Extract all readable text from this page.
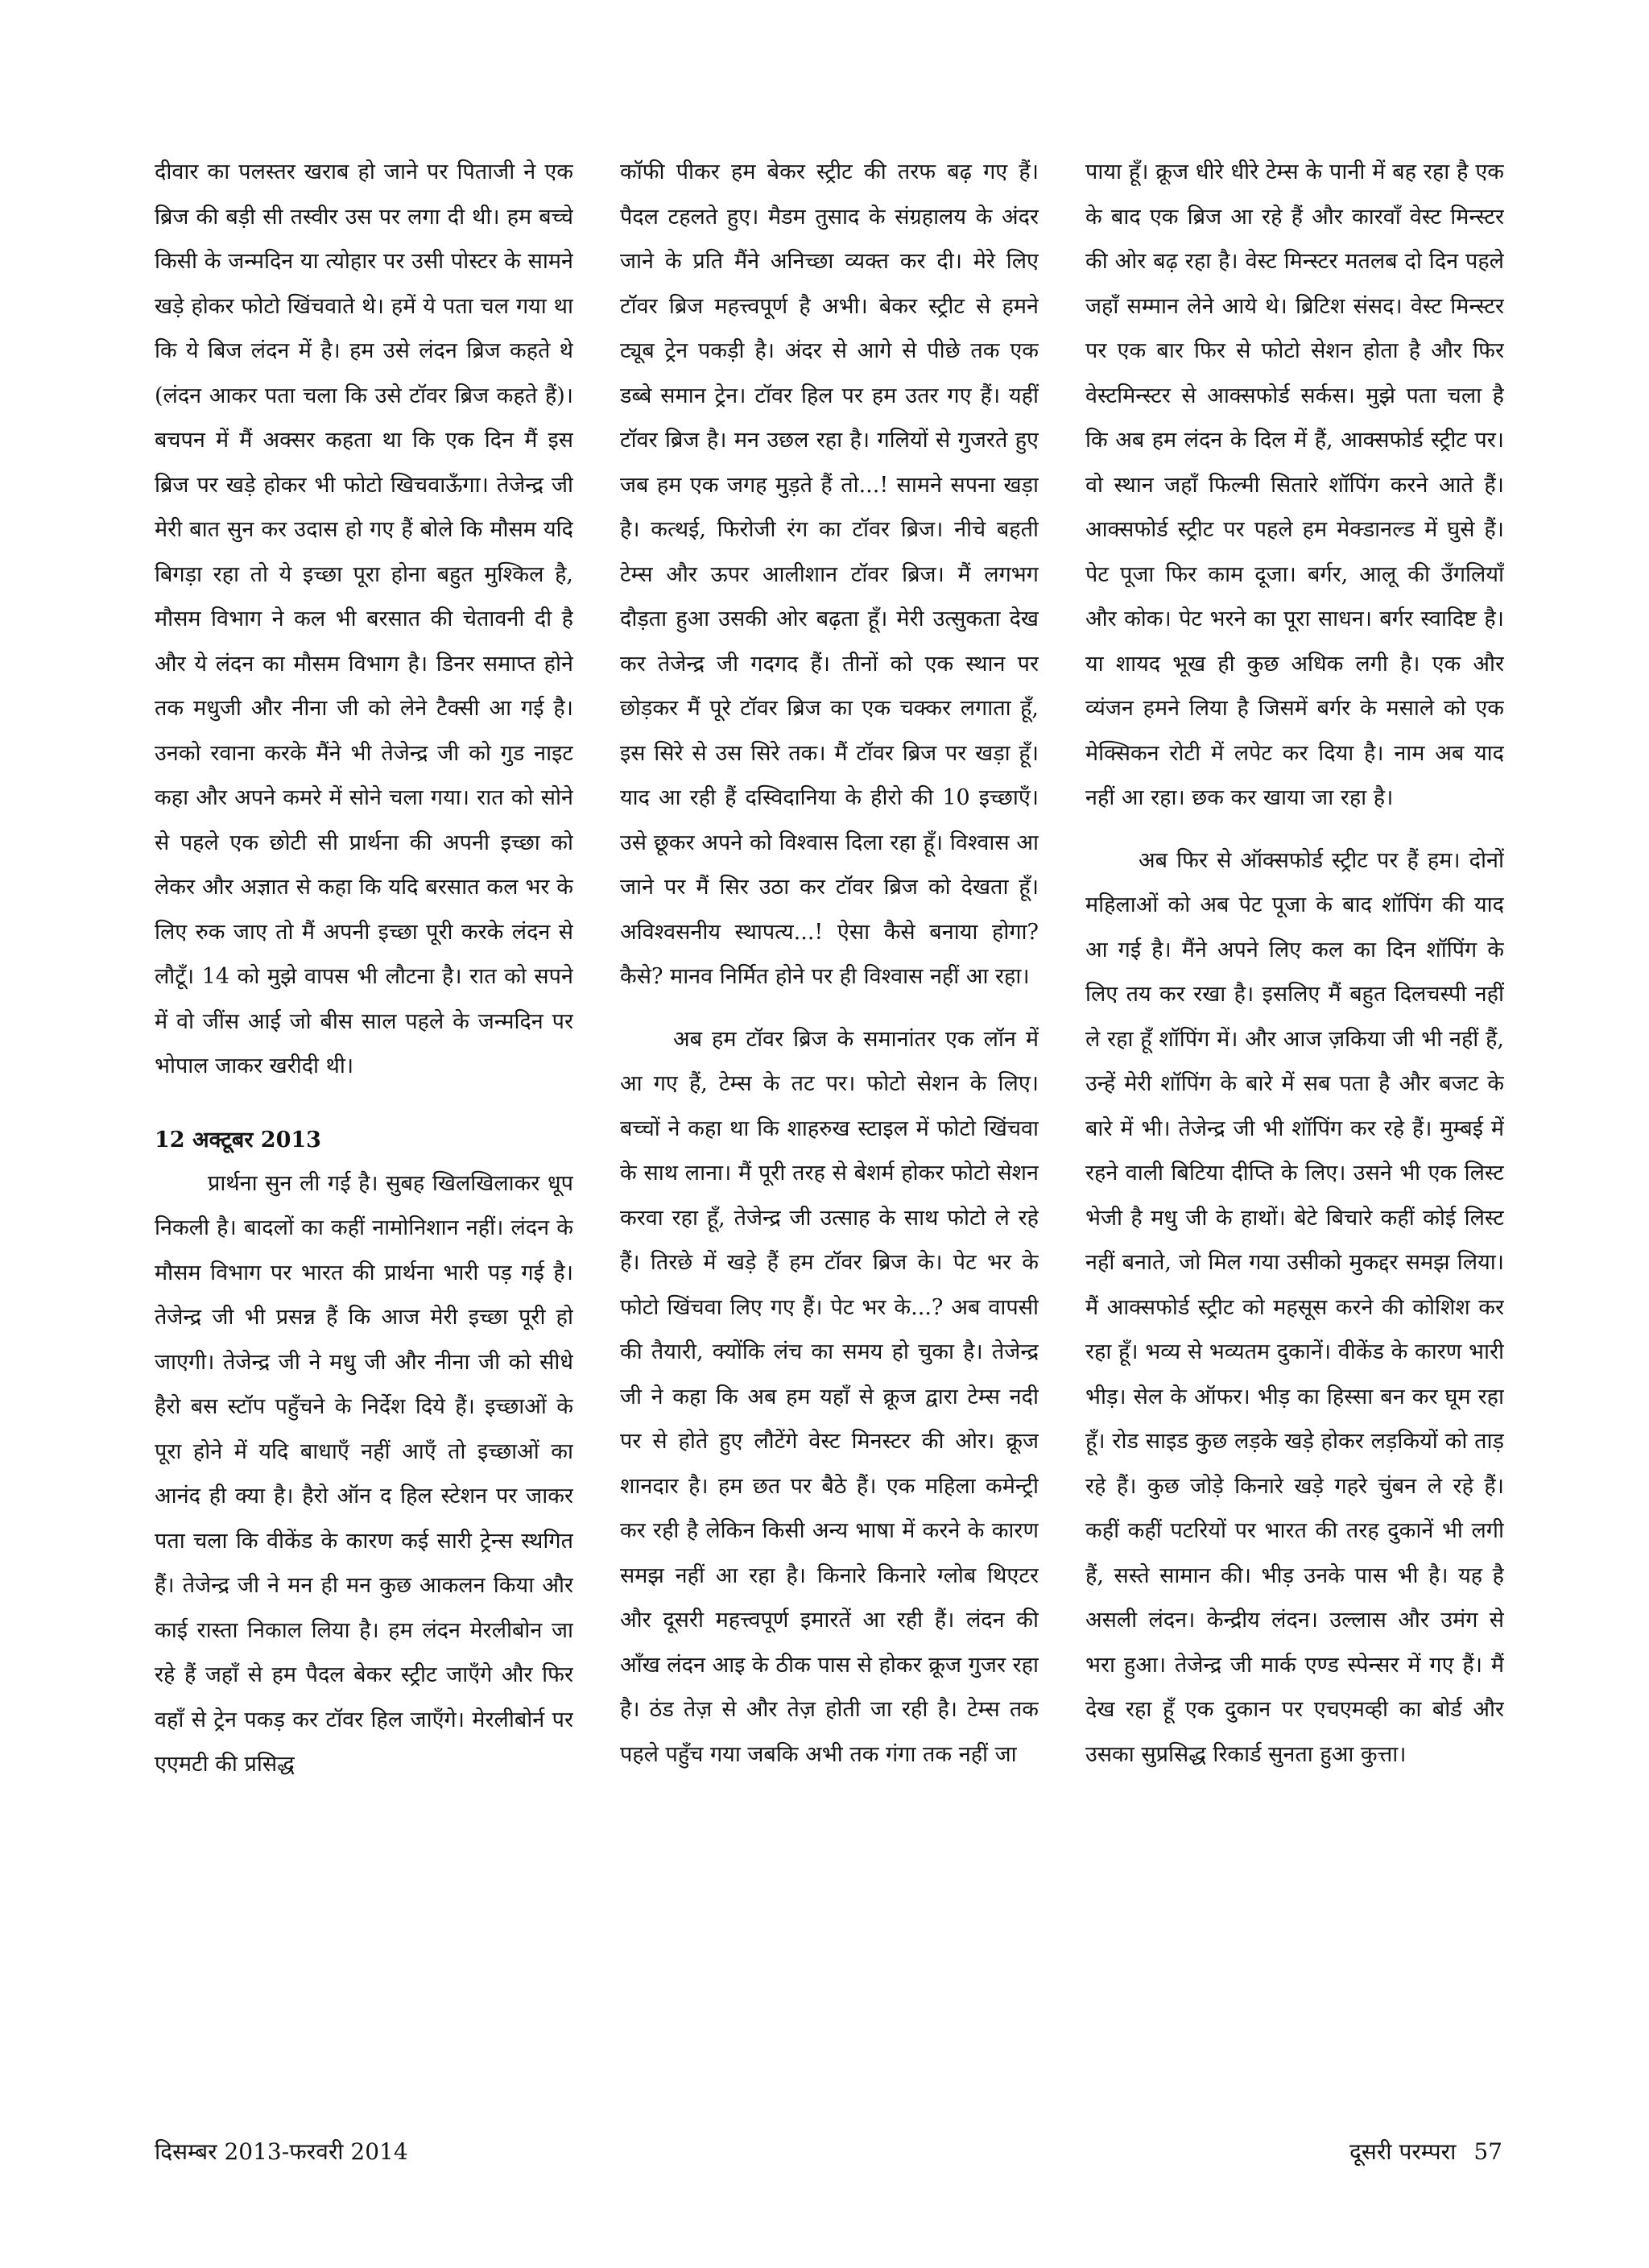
दीवार का पलस्तर खराब हो जाने पर पिताजी ने एक ब्रिज की बड़ी सी तस्वीर उस पर लगा दी थी। हम बच्चे किसी के जन्मदिन या त्योहार पर उसी पोस्टर के सामने खड़े होकर फोटो खिंचवाते थे। हमें ये पता चल गया था कि ये बिज लंदन में है। हम उसे लंदन ब्रिज कहते थे (लंदन आकर पता चला कि उसे टॉवर ब्रिज कहते हैं)। बचपन में मैं अक्सर कहता था कि एक दिन मैं इस ब्रिज पर खड़े होकर भी फोटो खिचवाऊँगा। तेजेन्द्र जी मेरी बात सुन कर उदास हो गए हैं बोले कि मौसम यदि बिगड़ा रहा तो ये इच्छा पूरा होना बहुत मुश्किल है, मौसम विभाग ने कल भी बरसात की चेतावनी दी है और ये लंदन का मौसम विभाग है। डिनर समाप्त होने तक मधुजी और नीना जी को लेने टैक्सी आ गई है। उनको रवाना करके मैंने भी तेजेन्द्र जी को गुड नाइट कहा और अपने कमरे में सोने चला गया। रात को सोने से पहले एक छोटी सी प्रार्थना की अपनी इच्छा को लेकर और अज्ञात से कहा कि यदि बरसात कल भर के लिए रुक जाए तो मैं अपनी इच्छा पूरी करके लंदन से लौटूँ। 14 को मुझे वापस भी लौटना है। रात को सपने में वो जींस आई जो बीस साल पहले के जन्मदिन पर भोपाल जाकर खरीदी थी।

12 अक्टूबर 2013

प्रार्थना सुन ली गई है। सुबह खिलखिलाकर धूप निकली है। बादलों का कहीं नामोनिशान नहीं। लंदन के मौसम विभाग पर भारत की प्रार्थना भारी पड़ गई है। तेजेन्द्र जी भी प्रसन्न हैं कि आज मेरी इच्छा पूरी हो जाएगी। तेजेन्द्र जी ने मधु जी और नीना जी को सीधे हैरो बस स्टॉप पहुँचने के निर्देश दिये हैं। इच्छाओं के पूरा होने में यदि बाधाएँ नहीं आएँ तो इच्छाओं का आनंद ही क्या है। हैरो ऑन द हिल स्टेशन पर जाकर पता चला कि वीकेंड के कारण कई सारी ट्रेन्स स्थगित हैं। तेजेन्द्र जी ने मन ही मन कुछ आकलन किया और काई रास्ता निकाल लिया है। हम लंदन मेरलीबोन जा रहे हैं जहाँ से हम पैदल बेकर स्ट्रीट जाएँगे और फिर वहाँ से ट्रेन पकड़ कर टॉवर हिल जाएँगे। मेरलीबोर्न पर एएमटी की प्रसिद्ध

कॉफी पीकर हम बेकर स्ट्रीट की तरफ बढ़ गए हैं। पैदल टहलते हुए। मैडम तुसाद के संग्रहालय के अंदर जाने के प्रति मैंने अनिच्छा व्यक्त कर दी। मेरे लिए टॉवर ब्रिज महत्त्वपूर्ण है अभी। बेकर स्ट्रीट से हमने ट्यूब ट्रेन पकड़ी है। अंदर से आगे से पीछे तक एक डब्बे समान ट्रेन। टॉवर हिल पर हम उतर गए हैं। यहीं टॉवर ब्रिज है। मन उछल रहा है। गलियों से गुजरते हुए जब हम एक जगह मुड़ते हैं तो...! सामने सपना खड़ा है। कत्थई, फिरोजी रंग का टॉवर ब्रिज। नीचे बहती टेम्स और ऊपर आलीशान टॉवर ब्रिज। मैं लगभग दौड़ता हुआ उसकी ओर बढ़ता हूँ। मेरी उत्सुकता देख कर तेजेन्द्र जी गदगद हैं। तीनों को एक स्थान पर छोड़कर मैं पूरे टॉवर ब्रिज का एक चक्कर लगाता हूँ, इस सिरे से उस सिरे तक। मैं टॉवर ब्रिज पर खड़ा हूँ। याद आ रही हैं दस्विदानिया के हीरो की 10 इच्छाएँ। उसे छूकर अपने को विश्वास दिला रहा हूँ। विश्वास आ जाने पर मैं सिर उठा कर टॉवर ब्रिज को देखता हूँ। अविश्वसनीय स्थापत्य...! ऐसा कैसे बनाया होगा? कैसे? मानव निर्मित होने पर ही विश्वास नहीं आ रहा।

अब हम टॉवर ब्रिज के समानांतर एक लॉन में आ गए हैं, टेम्स के तट पर। फोटो सेशन के लिए। बच्चों ने कहा था कि शाहरुख स्टाइल में फोटो खिंचवा के साथ लाना। मैं पूरी तरह से बेशर्म होकर फोटो सेशन करवा रहा हूँ, तेजेन्द्र जी उत्साह के साथ फोटो ले रहे हैं। तिरछे में खड़े हैं हम टॉवर ब्रिज के। पेट भर के फोटो खिंचवा लिए गए हैं। पेट भर के...? अब वापसी की तैयारी, क्योंकि लंच का समय हो चुका है। तेजेन्द्र जी ने कहा कि अब हम यहाँ से क्रूज द्वारा टेम्स नदी पर से होते हुए लौटेंगे वेस्ट मिनस्टर की ओर। क्रूज शानदार है। हम छत पर बैठे हैं। एक महिला कमेन्ट्री कर रही है लेकिन किसी अन्य भाषा में करने के कारण समझ नहीं आ रहा है। किनारे किनारे ग्लोब थिएटर और दूसरी महत्त्वपूर्ण इमारतें आ रही हैं। लंदन की आँख लंदन आइ के ठीक पास से होकर क्रूज गुजर रहा है। ठंड तेज़ से और तेज़ होती जा रही है। टेम्स तक पहले पहुँच गया जबकि अभी तक गंगा तक नहीं जा

पाया हूँ। क्रूज धीरे धीरे टेम्स के पानी में बह रहा है एक के बाद एक ब्रिज आ रहे हैं और कारवाँ वेस्ट मिन्स्टर की ओर बढ़ रहा है। वेस्ट मिन्स्टर मतलब दो दिन पहले जहाँ सम्मान लेने आये थे। ब्रिटिश संसद। वेस्ट मिन्स्टर पर एक बार फिर से फोटो सेशन होता है और फिर वेस्टमिन्स्टर से आक्सफोर्ड सर्कस। मुझे पता चला है कि अब हम लंदन के दिल में हैं, आक्सफोर्ड स्ट्रीट पर। वो स्थान जहाँ फिल्मी सितारे शॉपिंग करने आते हैं। आक्सफोर्ड स्ट्रीट पर पहले हम मेक्डानल्ड में घुसे हैं। पेट पूजा फिर काम दूजा। बर्गर, आलू की उँगलियाँ और कोक। पेट भरने का पूरा साधन। बर्गर स्वादिष्ट है। या शायद भूख ही कुछ अधिक लगी है। एक और व्यंजन हमने लिया है जिसमें बर्गर के मसाले को एक मेक्सिकन रोटी में लपेट कर दिया है। नाम अब याद नहीं आ रहा। छक कर खाया जा रहा है।

अब फिर से ऑक्सफोर्ड स्ट्रीट पर हैं हम। दोनों महिलाओं को अब पेट पूजा के बाद शॉपिंग की याद आ गई है। मैंने अपने लिए कल का दिन शॉपिंग के लिए तय कर रखा है। इसलिए मैं बहुत दिलचस्पी नहीं ले रहा हूँ शॉपिंग में। और आज ज़किया जी भी नहीं हैं, उन्हें मेरी शॉपिंग के बारे में सब पता है और बजट के बारे में भी। तेजेन्द्र जी भी शॉपिंग कर रहे हैं। मुम्बई में रहने वाली बिटिया दीप्ति के लिए। उसने भी एक लिस्ट भेजी है मधु जी के हाथों। बेटे बिचारे कहीं कोई लिस्ट नहीं बनाते, जो मिल गया उसीको मुकद्दर समझ लिया। मैं आक्सफोर्ड स्ट्रीट को महसूस करने की कोशिश कर रहा हूँ। भव्य से भव्यतम दुकानें। वीकेंड के कारण भारी भीड़। सेल के ऑफर। भीड़ का हिस्सा बन कर घूम रहा हूँ। रोड साइड कुछ लड़के खड़े होकर लड़कियों को ताड़ रहे हैं। कुछ जोड़े किनारे खड़े गहरे चुंबन ले रहे हैं। कहीं कहीं पटरियों पर भारत की तरह दुकानें भी लगी हैं, सस्ते सामान की। भीड़ उनके पास भी है। यह है असली लंदन। केन्द्रीय लंदन। उल्लास और उमंग से भरा हुआ। तेजेन्द्र जी मार्क एण्ड स्पेन्सर में गए हैं। मैं देख रहा हूँ एक दुकान पर एचएमव्ही का बोर्ड और उसका सुप्रसिद्ध रिकार्ड सुनता हुआ कुत्ता।

दिसम्बर 2013-फरवरी 2014	दूसरी परम्परा 57
